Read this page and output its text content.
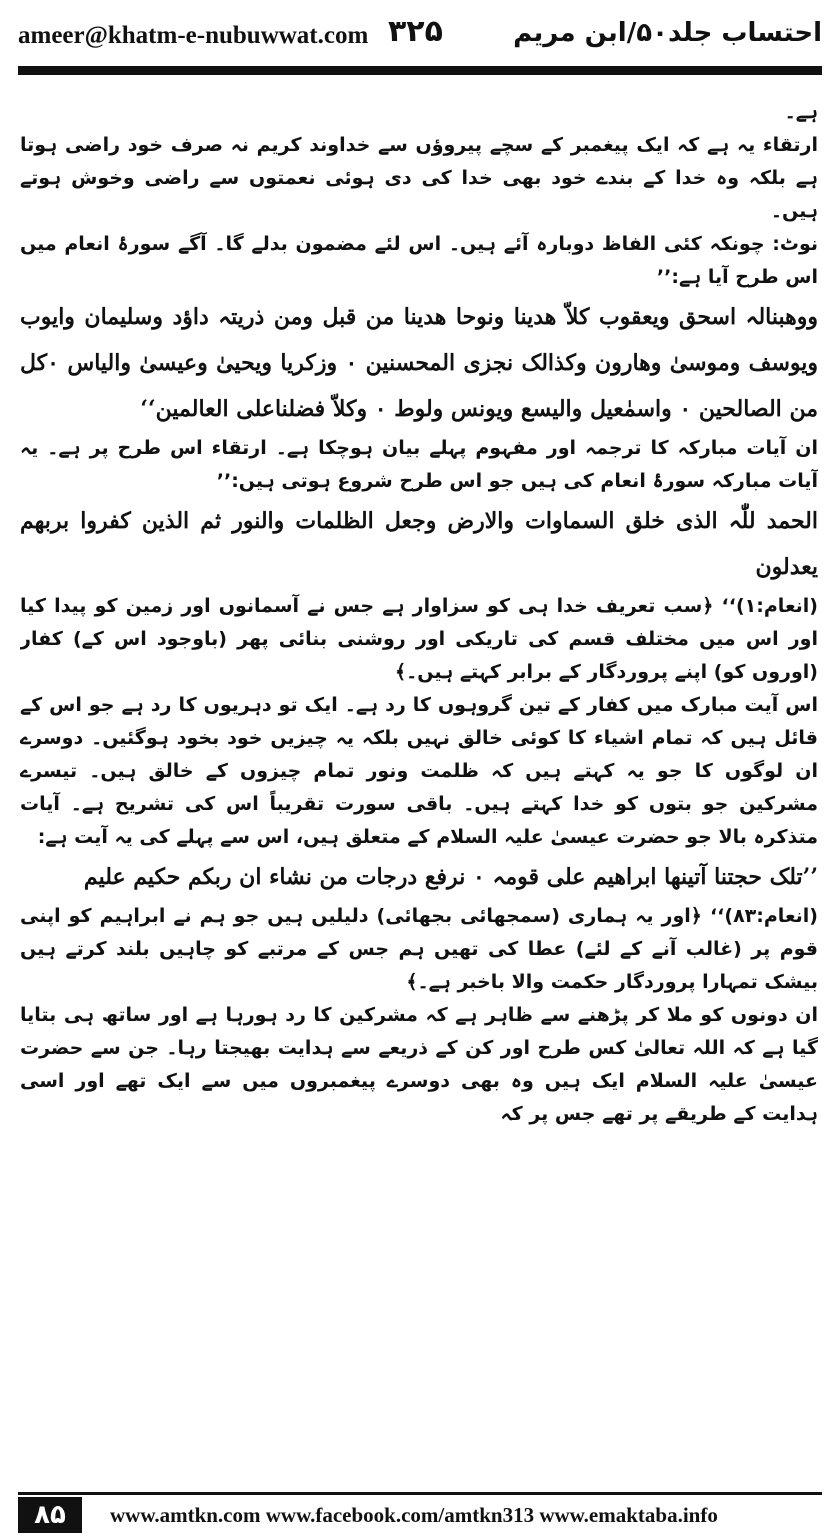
ameer@khatm-e-nubuwwat.com ۳۲۵	احتساب جلد۵۰/ابن مریم

ہے۔

ارتقاء یہ ہے کہ ایک پیغمبر کے سچے پیروؤں سے خداوند کریم نہ صرف خود راضی ہوتا ہے بلکہ وہ خدا کے بندے خود بھی خدا کی دی ہوئی نعمتوں سے راضی وخوش ہوتے ہیں۔

نوٹ: چونکہ کئی الفاظ دوبارہ آئے ہیں۔ اس لئے مضمون بدلے گا۔ آگے سورۂ انعام میں اس طرح آیا ہے:’’

ووھبنالہ اسحق ویعقوب کلاّ ھدینا ونوحا ھدینا من قبل ومن ذریتہ داؤد وسلیمان وایوب ویوسف وموسیٰ وھارون وکذالک نجزی المحسنین ۰ وزکریا ویحییٰ وعیسیٰ والیاس ۰کل من الصالحین ۰ واسمٰعیل والیسع ویونس ولوط ۰ وکلاّ فضلناعلی العالمین‘‘

ان آیات مبارکہ کا ترجمہ اور مفہوم پہلے بیان ہوچکا ہے۔ ارتقاء اس طرح پر ہے۔ یہ آیات مبارکہ سورۂ انعام کی ہیں جو اس طرح شروع ہوتی ہیں:’’

الحمد للّٰہ الذی خلق السماوات والارض وجعل الظلمات والنور ثم الذین کفروا بربھم یعدلون

(انعام:۱)‘‘ ﴿سب تعریف خدا ہی کو سزاوار ہے جس نے آسمانوں اور زمین کو پیدا کیا اور اس میں مختلف قسم کی تاریکی اور روشنی بنائی پھر (باوجود اس کے) کفار (اوروں کو) اپنے پروردگار کے برابر کہتے ہیں۔﴾

اس آیت مبارک میں کفار کے تین گروہوں کا رد ہے۔ ایک تو دہریوں کا رد ہے جو اس کے قائل ہیں کہ تمام اشیاء کا کوئی خالق نہیں بلکہ یہ چیزیں خود بخود ہوگئیں۔ دوسرے ان لوگوں کا جو یہ کہتے ہیں کہ ظلمت ونور تمام چیزوں کے خالق ہیں۔ تیسرے مشرکین جو بتوں کو خدا کہتے ہیں۔ باقی سورت تقریباً اس کی تشریح ہے۔ آیات متذکرہ بالا جو حضرت عیسیٰ علیہ السلام کے متعلق ہیں، اس سے پہلے کی یہ آیت ہے:

’’تلک حجتنا آتینھا ابراھیم علی قومہ ۰ نرفع درجات من نشاء ان ربکم حکیم علیم

(انعام:۸۳)‘‘ ﴿اور یہ ہماری (سمجھائی بجھائی) دلیلیں ہیں جو ہم نے ابراہیم کو اپنی قوم پر (غالب آنے کے لئے) عطا کی تھیں ہم جس کے مرتبے کو چاہیں بلند کرتے ہیں بیشک تمہارا پروردگار حکمت والا باخبر ہے۔﴾

ان دونوں کو ملا کر پڑھنے سے ظاہر ہے کہ مشرکین کا رد ہورہا ہے اور ساتھ ہی بتایا گیا ہے کہ اللہ تعالیٰ کس طرح اور کن کے ذریعے سے ہدایت بھیجتا رہا۔ جن سے حضرت عیسیٰ علیہ السلام ایک ہیں وہ بھی دوسرے پیغمبروں میں سے ایک تھے اور اسی ہدایت کے طریقے پر تھے جس پر کہ

۸۵	www.amtkn.com www.facebook.com/amtkn313 www.emaktaba.info
